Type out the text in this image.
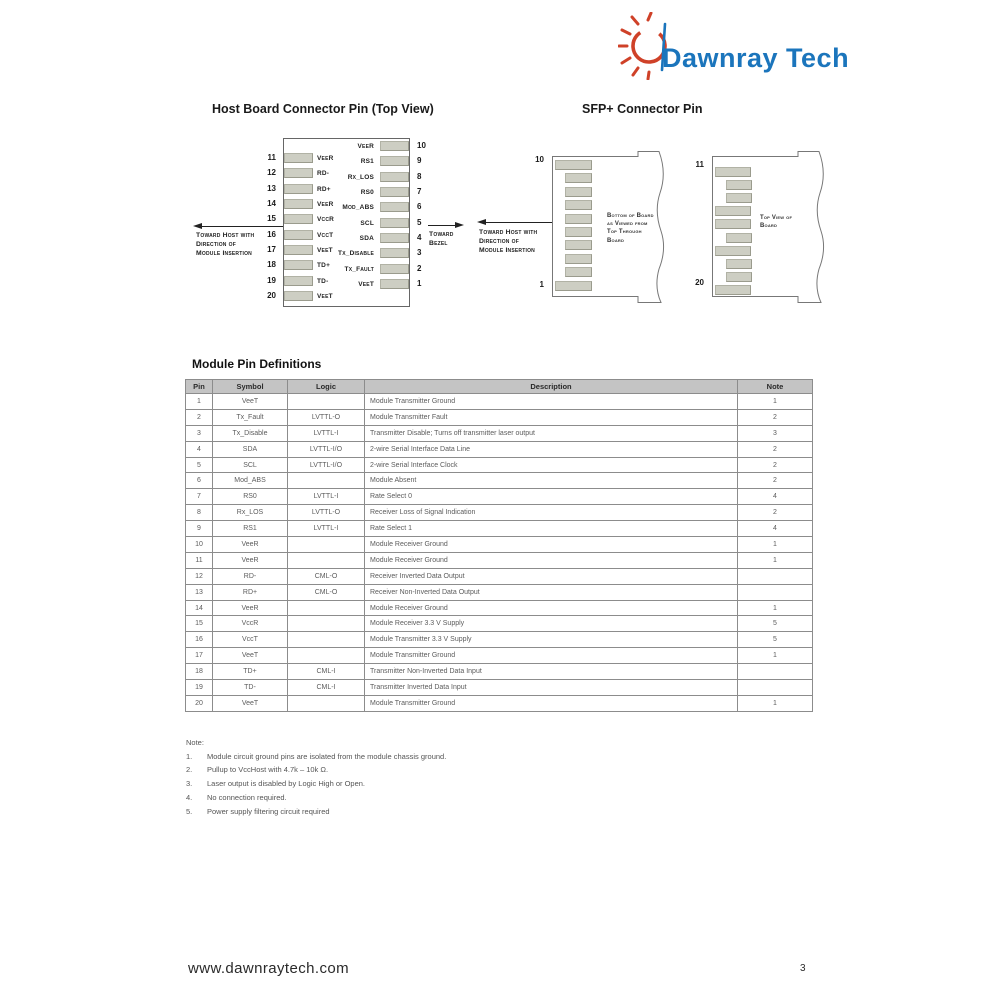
Dawnray Tech
Host Board Connector Pin (Top View)	SFP+ Connector Pin
Toward Host with Direction of Module Insertion
Toward Bezel
Toward Host with Direction of Module Insertion
10
1
Bottom of Board as Viewed from Top Through Board
11
20
Top View of Board
11	VeeR
12	RD-
13	RD+
14	VeeR
15	VccR
16	VccT
17	VeeT
18	TD+
19	TD-
20	VeeT
VeeR	10
RS1	9
Rx_LOS	8
RS0	7
Mod_ABS	6
SCL	5
SDA	4
Tx_Disable	3
Tx_Fault	2
VeeT	1
Module Pin Definitions
Pin	Symbol	Logic	Description	Note
1	VeeT		Module Transmitter Ground	1
2	Tx_Fault	LVTTL-O	Module Transmitter Fault	2
3	Tx_Disable	LVTTL-I	Transmitter Disable; Turns off transmitter laser output	3
4	SDA	LVTTL-I/O	2-wire Serial Interface Data Line	2
5	SCL	LVTTL-I/O	2-wire Serial Interface Clock	2
6	Mod_ABS		Module Absent	2
7	RS0	LVTTL-I	Rate Select 0	4
8	Rx_LOS	LVTTL-O	Receiver Loss of Signal Indication	2
9	RS1	LVTTL-I	Rate Select 1	4
10	VeeR		Module Receiver Ground	1
11	VeeR		Module Receiver Ground	1
12	RD-	CML-O	Receiver Inverted Data Output	
13	RD+	CML-O	Receiver Non-Inverted Data Output	
14	VeeR		Module Receiver Ground	1
15	VccR		Module Receiver 3.3 V Supply	5
16	VccT		Module Transmitter 3.3 V Supply	5
17	VeeT		Module Transmitter Ground	1
18	TD+	CML-I	Transmitter Non-Inverted Data Input	
19	TD-	CML-I	Transmitter Inverted Data Input	
20	VeeT		Module Transmitter Ground	1
Note:
1.	Module circuit ground pins are isolated from the module chassis ground.
2.	Pullup to VccHost with 4.7k – 10k Ω.
3.	Laser output is disabled by Logic High or Open.
4.	No connection required.
5.	Power supply filtering circuit required
www.dawnraytech.com	3
